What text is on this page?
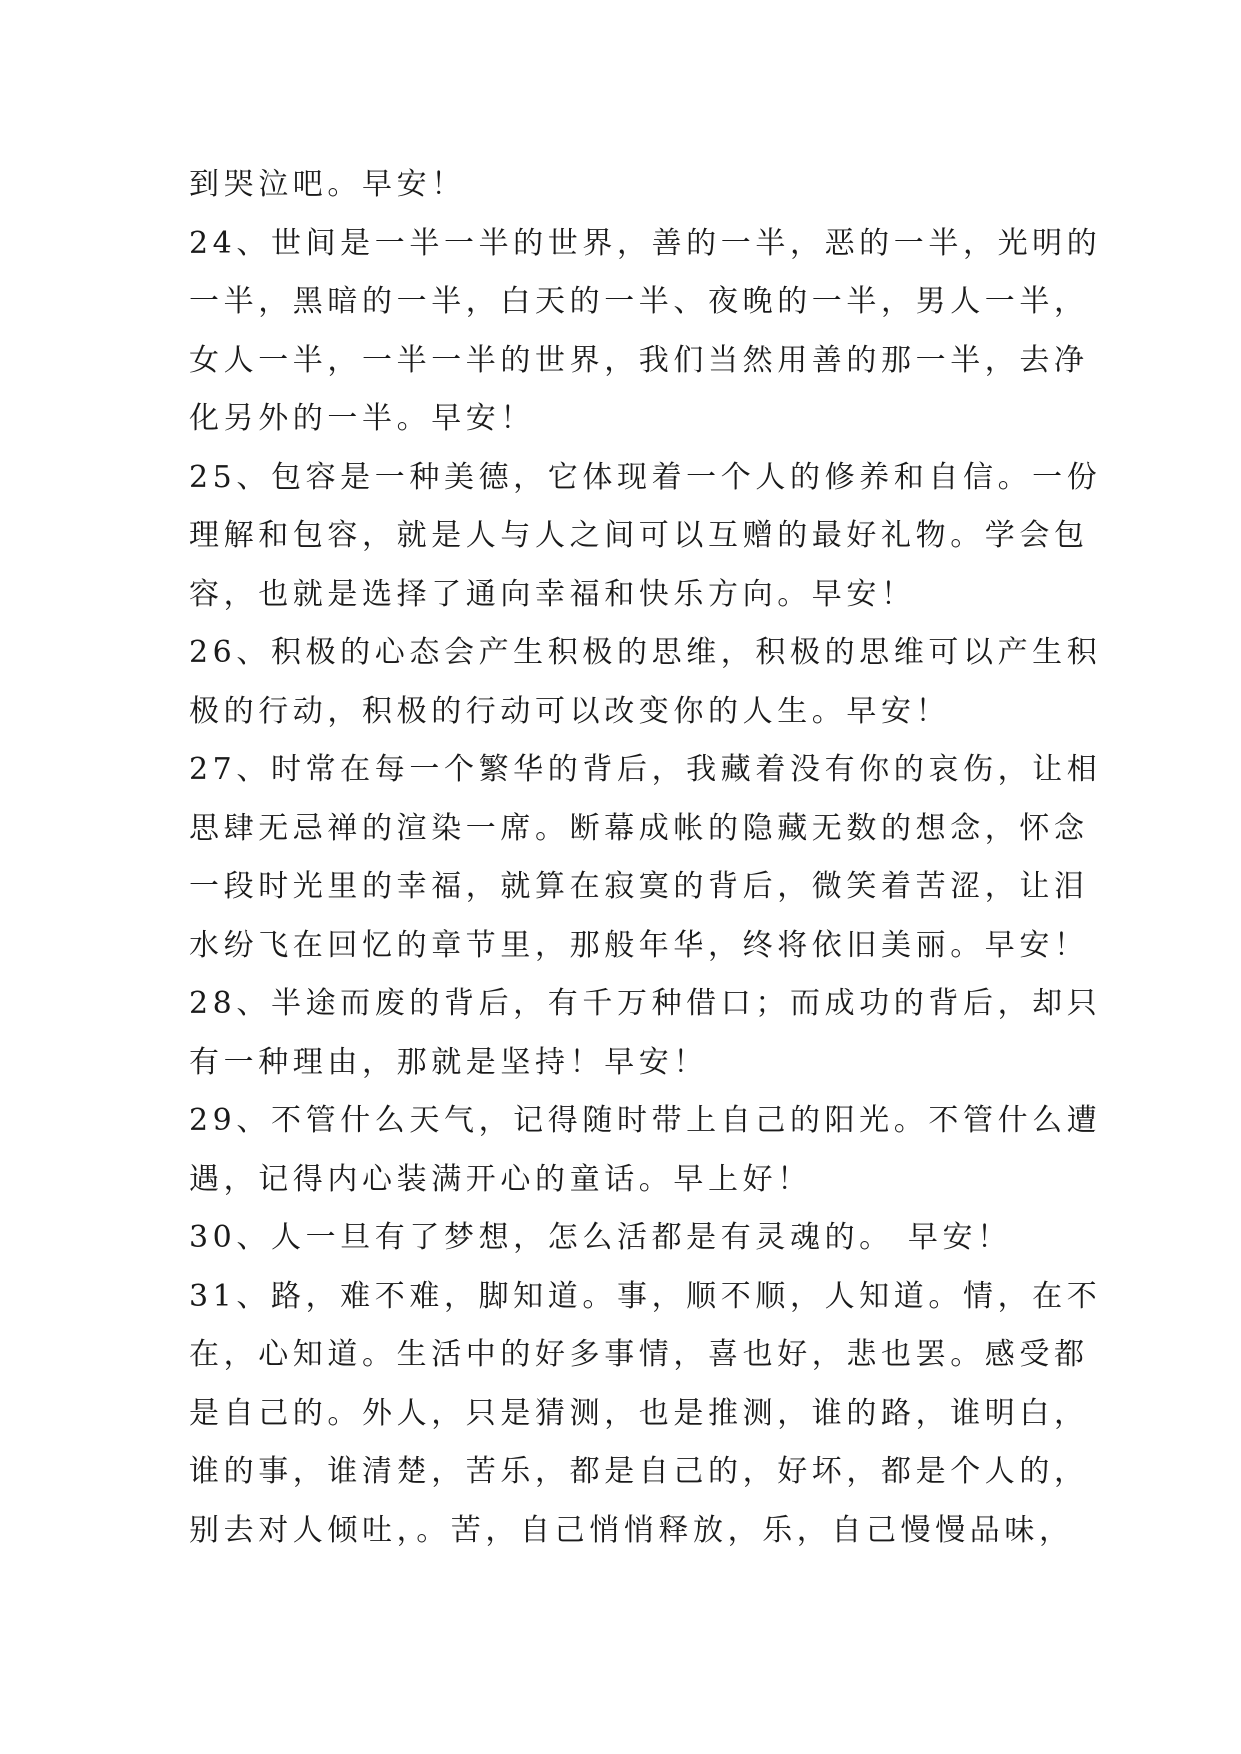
到哭泣吧。早安！
24、世间是一半一半的世界，善的一半，恶的一半，光明的
一半，黑暗的一半，白天的一半、夜晚的一半，男人一半，
女人一半，一半一半的世界，我们当然用善的那一半，去净
化另外的一半。早安！
25、包容是一种美德，它体现着一个人的修养和自信。一份
理解和包容，就是人与人之间可以互赠的最好礼物。学会包
容，也就是选择了通向幸福和快乐方向。早安！
26、积极的心态会产生积极的思维，积极的思维可以产生积
极的行动，积极的行动可以改变你的人生。早安！
27、时常在每一个繁华的背后，我藏着没有你的哀伤，让相
思肆无忌禅的渲染一席。断幕成帐的隐藏无数的想念，怀念
一段时光里的幸福，就算在寂寞的背后，微笑着苦涩，让泪
水纷飞在回忆的章节里，那般年华，终将依旧美丽。早安！
28、半途而废的背后，有千万种借口；而成功的背后，却只
有一种理由，那就是坚持！早安！
29、不管什么天气，记得随时带上自己的阳光。不管什么遭
遇，记得内心装满开心的童话。早上好！
30、人一旦有了梦想，怎么活都是有灵魂的。 早安！
31、路，难不难，脚知道。事，顺不顺，人知道。情，在不
在，心知道。生活中的好多事情，喜也好，悲也罢。感受都
是自己的。外人，只是猜测，也是推测，谁的路，谁明白，
谁的事，谁清楚，苦乐，都是自己的，好坏，都是个人的，
别去对人倾吐，。苦，自己悄悄释放，乐，自己慢慢品味，
